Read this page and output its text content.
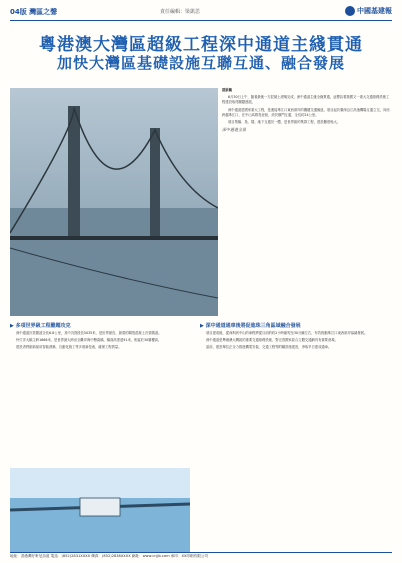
04版 灣區之聲	責任編輯：梁凱思	中國基建報
粵港澳大灣區超級工程深中通道主綫貫通
加快大灣區基礎設施互聯互通、融合發展

趙新鵬

6月30日上午，隨著最後一方混凝土澆築完成，深中通道主綫全綫貫通，這標誌着我國又一重大交通基礎設施工程建設取得關鍵進展。

深中通道是國家重大工程，是連接珠江口東西兩岸的關鍵交通樞紐。項目起於廣深沿江高速機場互通立交，向西跨越珠江口，在中山馬鞍島登陸，終於橫門互通，全長約24公里。

項目集橋、島、隧、地下互通於一體，是世界級的集群工程，建設難度極大。

深中通道全景
▶ 多項世界級工程難題攻克

深中通道沉管隧道全長6.8公里，其中沉管段長5035米，是世界最長、最寬的鋼殼混凝土沉管隧道。

伶仃洋大橋主跨1666米，是世界最大跨徑全離岸海中懸索橋，橋面高度達91米，相當於30層樓高。

建設者們創新採用智能澆築、自動化施工等多項新技術，確保工程質量。

▶ 深中通道通車後將促進珠三角區域融合發展

項目建成後，從深圳到中山的車程將從目前的約2小時縮短至30分鐘左右，有效推動珠江口東西兩岸協調發展。

深中通道是粵港澳大灣區的重要交通基礎設施，對完善國家綜合立體交通網具有重要意義。

當前，建設單位正全力推進機電安裝、交通工程等附屬設施建設，爭取早日建成通車。

地址：香港灣仔軒尼詩道 電話：(852)2831XXXX 傳真：(852)2838XXXX 網址：www.cnjjb.com 承印：XX印刷有限公司
